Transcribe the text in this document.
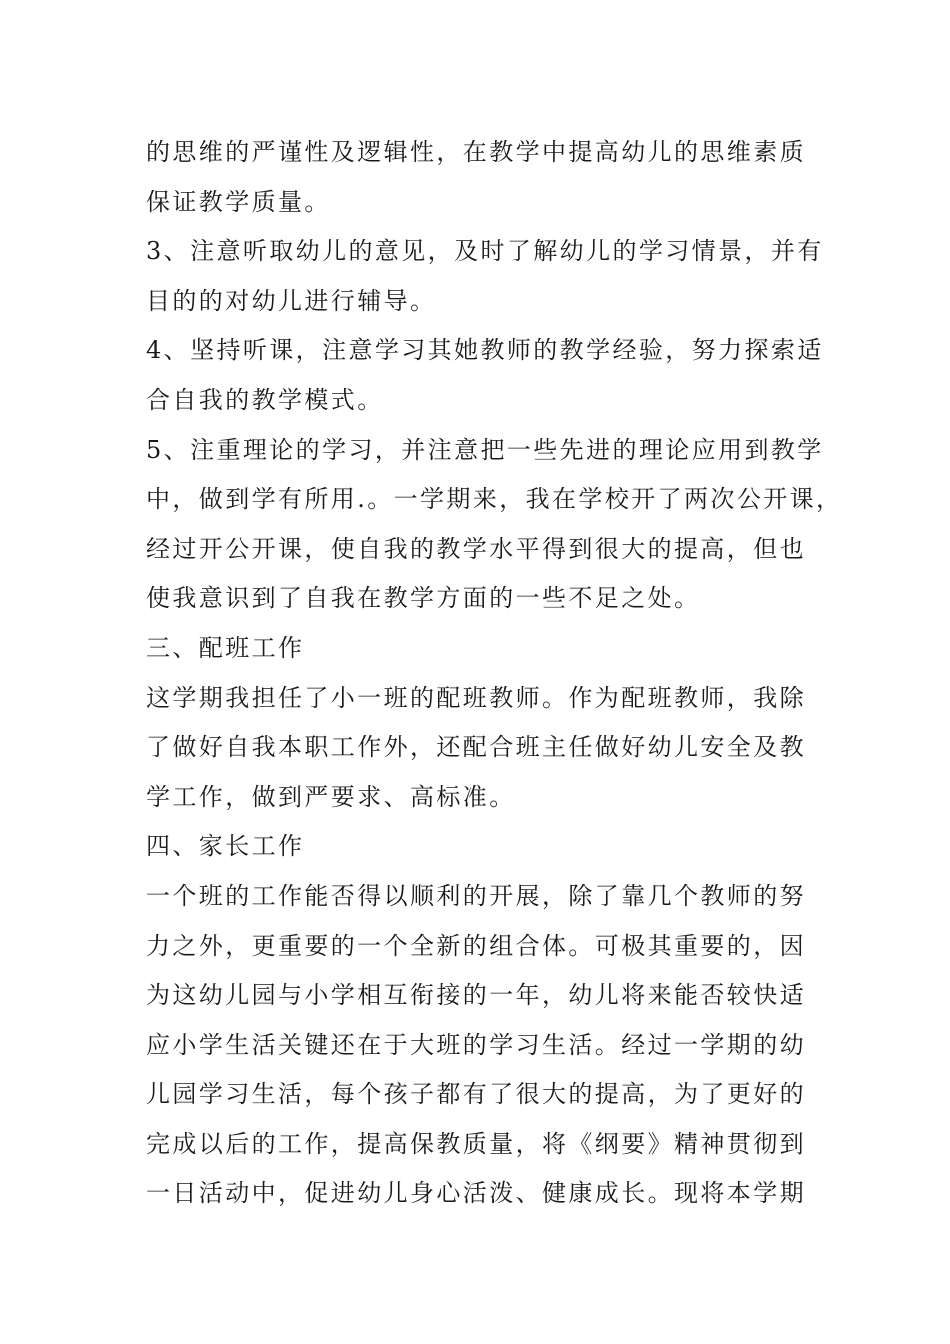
的思维的严谨性及逻辑性，在教学中提高幼儿的思维素质
保证教学质量。
3、注意听取幼儿的意见，及时了解幼儿的学习情景，并有
目的的对幼儿进行辅导。
4、坚持听课，注意学习其她教师的教学经验，努力探索适
合自我的教学模式。
5、注重理论的学习，并注意把一些先进的理论应用到教学
中，做到学有所用.。一学期来，我在学校开了两次公开课，
经过开公开课，使自我的教学水平得到很大的提高，但也
使我意识到了自我在教学方面的一些不足之处。
三、配班工作
这学期我担任了小一班的配班教师。作为配班教师，我除
了做好自我本职工作外，还配合班主任做好幼儿安全及教
学工作，做到严要求、高标准。
四、家长工作
一个班的工作能否得以顺利的开展，除了靠几个教师的努
力之外，更重要的一个全新的组合体。可极其重要的，因
为这幼儿园与小学相互衔接的一年，幼儿将来能否较快适
应小学生活关键还在于大班的学习生活。经过一学期的幼
儿园学习生活，每个孩子都有了很大的提高，为了更好的
完成以后的工作，提高保教质量，将《纲要》精神贯彻到
一日活动中，促进幼儿身心活泼、健康成长。现将本学期
